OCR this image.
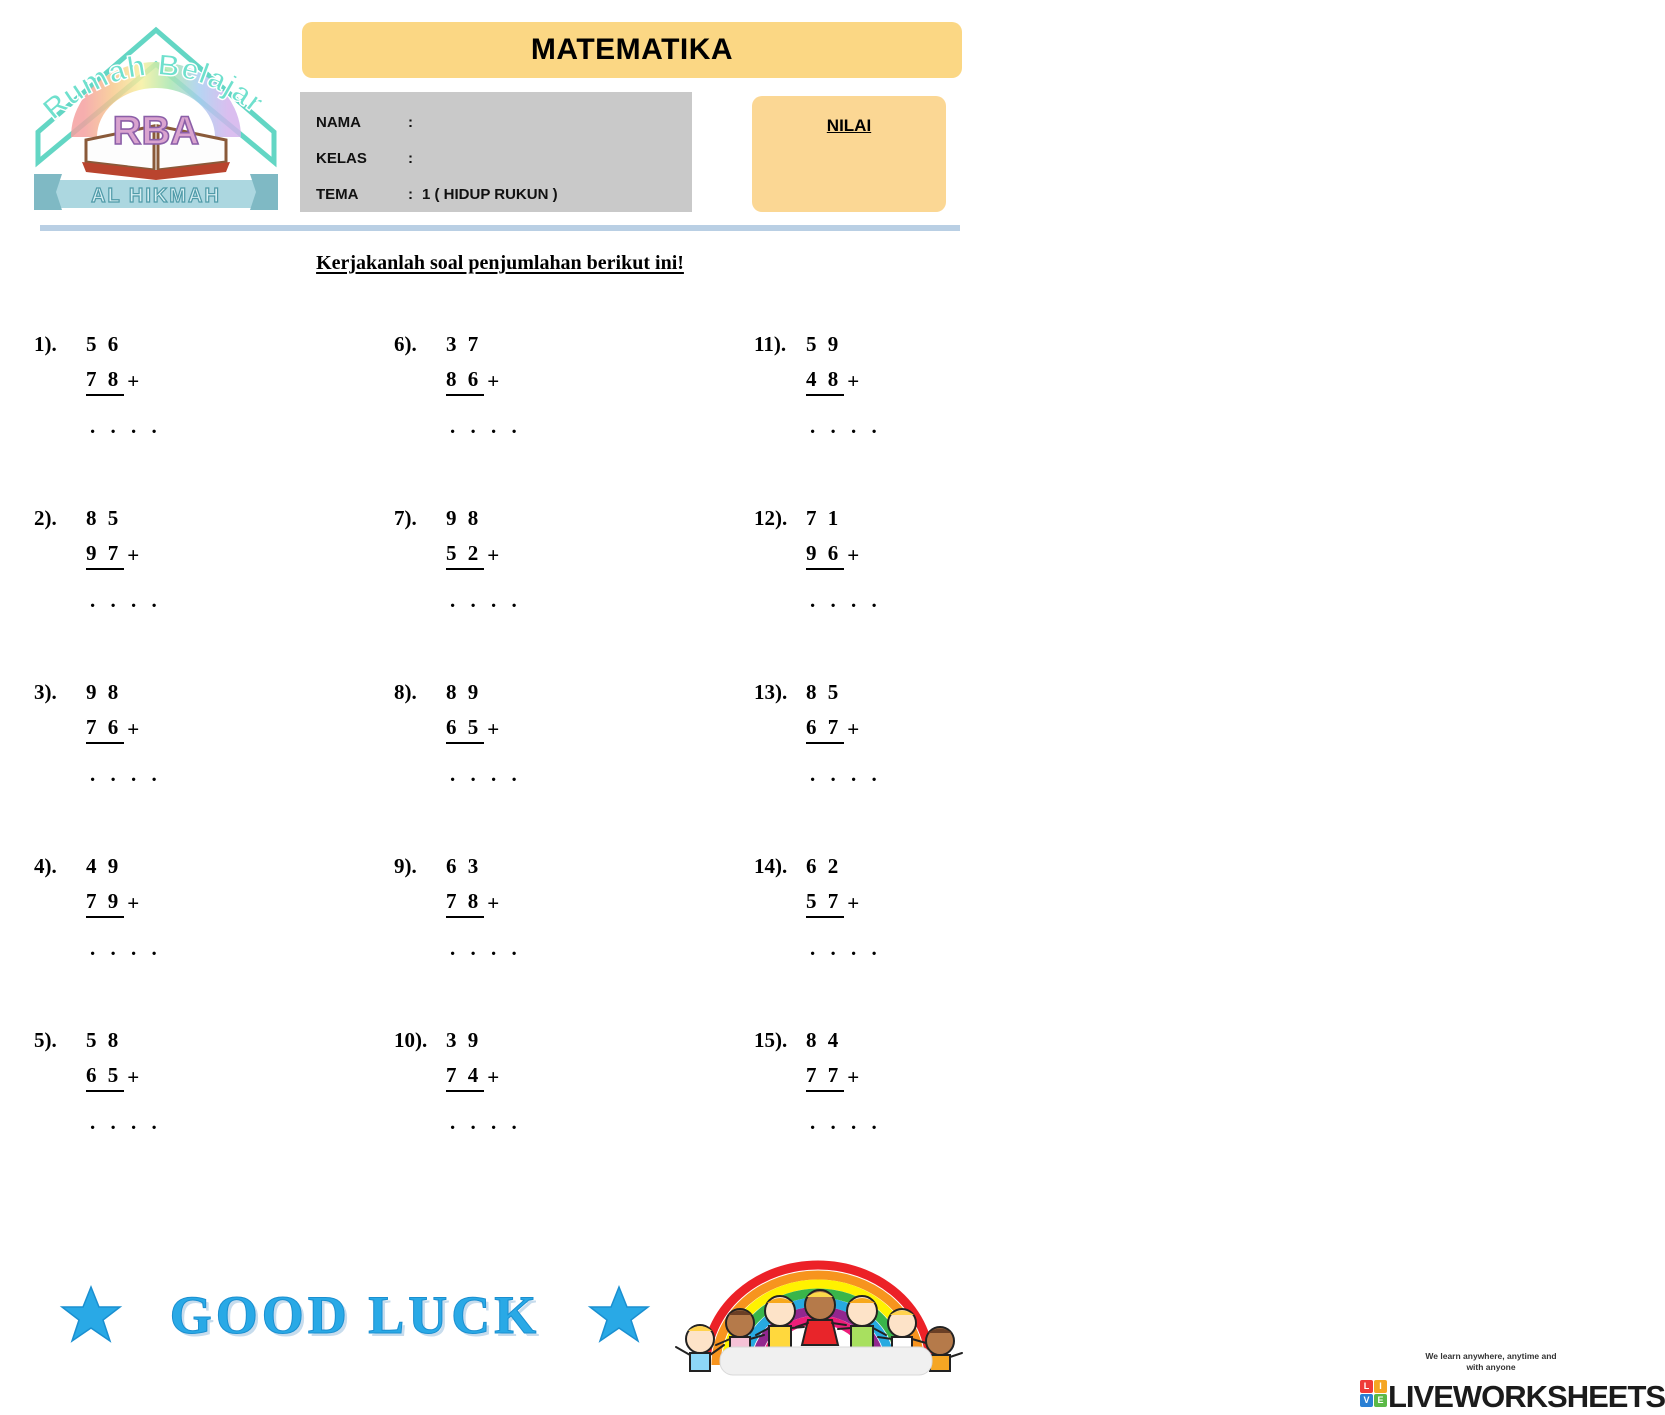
RBA
AL HIKMAH
Rumah Belajar
MATEMATIKA
NAMA	:
KELAS	:
TEMA	: 1 ( HIDUP RUKUN )
NILAI
Kerjakanlah soal penjumlahan berikut ini!
1).	5 6
7 8 +
. . . .
2).	8 5
9 7 +
. . . .
3).	9 8
7 6 +
. . . .
4).	4 9
7 9 +
. . . .
5).	5 8
6 5 +
. . . .
6).	3 7
8 6 +
. . . .
7).	9 8
5 2 +
. . . .
8).	8 9
6 5 +
. . . .
9).	6 3
7 8 +
. . . .
10). 3 9
7 4 +
. . . .
11). 5 9
4 8 +
. . . .
12). 7 1
9 6 +
. . . .
13). 8 5
6 7 +
. . . .
14). 6 2
5 7 +
. . . .
15). 8 4
7 7 +
. . . .
GOOD LUCK
We learn anywhere, anytime and
with anyone
LIVEWORKSHEETS
L	I
V E
